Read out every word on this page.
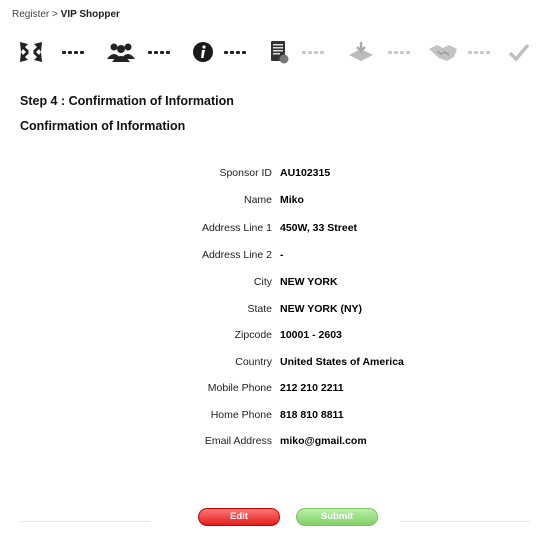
Register > VIP Shopper
Step 4 : Confirmation of Information
Confirmation of Information
Sponsor ID AU102315
Name Miko
Address Line 1 450W, 33 Street
Address Line 2 -
City NEW YORK
State NEW YORK (NY)
Zipcode 10001 - 2603
Country United States of America
Mobile Phone 212 210 2211
Home Phone 818 810 8811
Email Address miko@gmail.com
Edit	Submit
